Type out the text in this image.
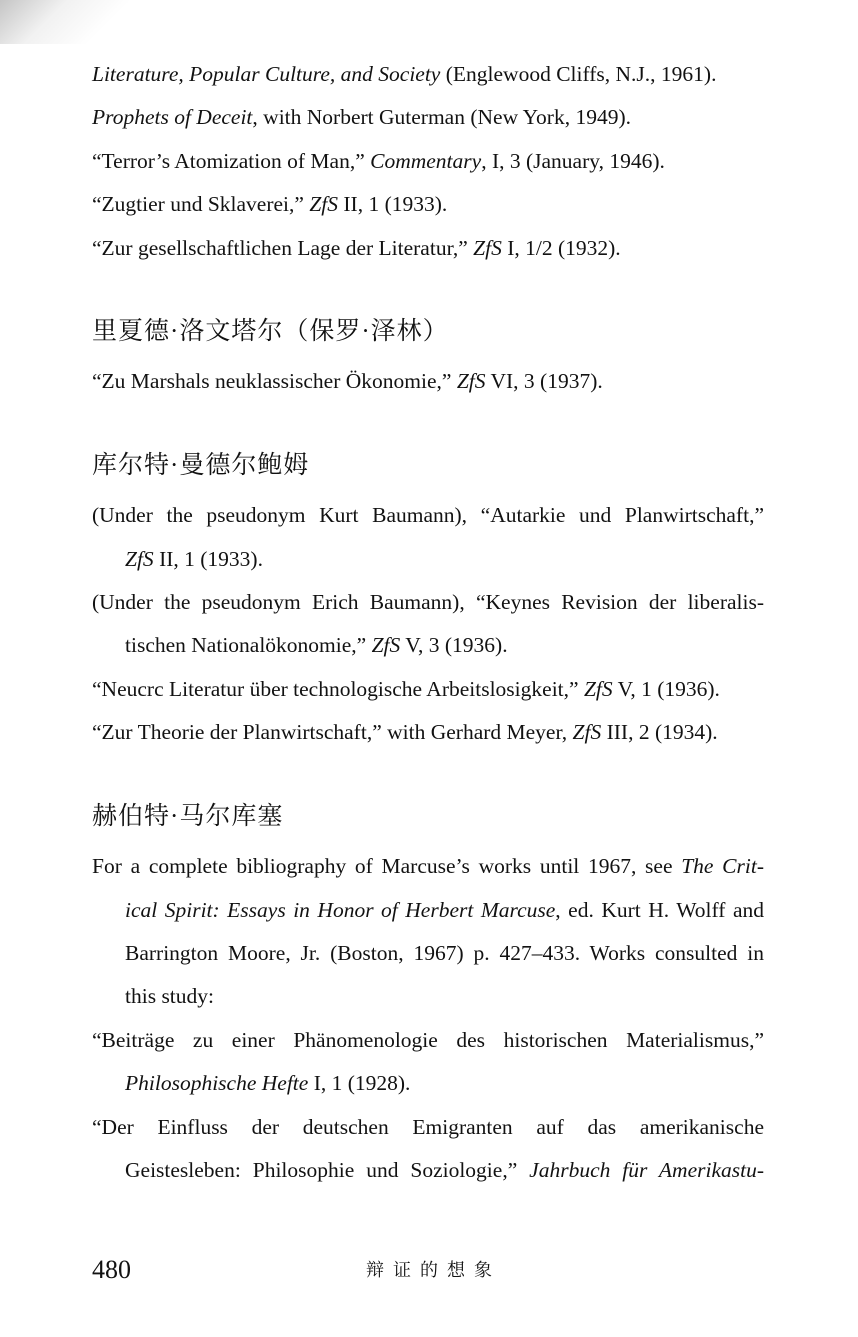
Literature, Popular Culture, and Society (Englewood Cliffs, N.J., 1961).
Prophets of Deceit, with Norbert Guterman (New York, 1949).
“Terror’s Atomization of Man,” Commentary, I, 3 (January, 1946).
“Zugtier und Sklaverei,” ZfS II, 1 (1933).
“Zur gesellschaftlichen Lage der Literatur,” ZfS I, 1/2 (1932).
里夏德·洛文塔尔（保罗·泽林）
“Zu Marshals neuklassischer Ökonomie,” ZfS VI, 3 (1937).
库尔特·曼德尔鲍姆
(Under the pseudonym Kurt Baumann), “Autarkie und Planwirtschaft,”
ZfS II, 1 (1933).
(Under the pseudonym Erich Baumann), “Keynes Revision der liberalis-
tischen Nationalökonomie,” ZfS V, 3 (1936).
“Neucrc Literatur über technologische Arbeitslosigkeit,” ZfS V, 1 (1936).
“Zur Theorie der Planwirtschaft,” with Gerhard Meyer, ZfS III, 2 (1934).
赫伯特·马尔库塞
For a complete bibliography of Marcuse’s works until 1967, see The Crit-
ical Spirit: Essays in Honor of Herbert Marcuse, ed. Kurt H. Wolff and
Barrington Moore, Jr. (Boston, 1967) p. 427–433. Works consulted in
this study:
“Beiträge zu einer Phänomenologie des historischen Materialismus,”
Philosophische Hefte I, 1 (1928).
“Der Einfluss der deutschen Emigranten auf das amerikanische
Geistesleben: Philosophie und Soziologie,” Jahrbuch für Amerikastu-
480	辩证的想象
